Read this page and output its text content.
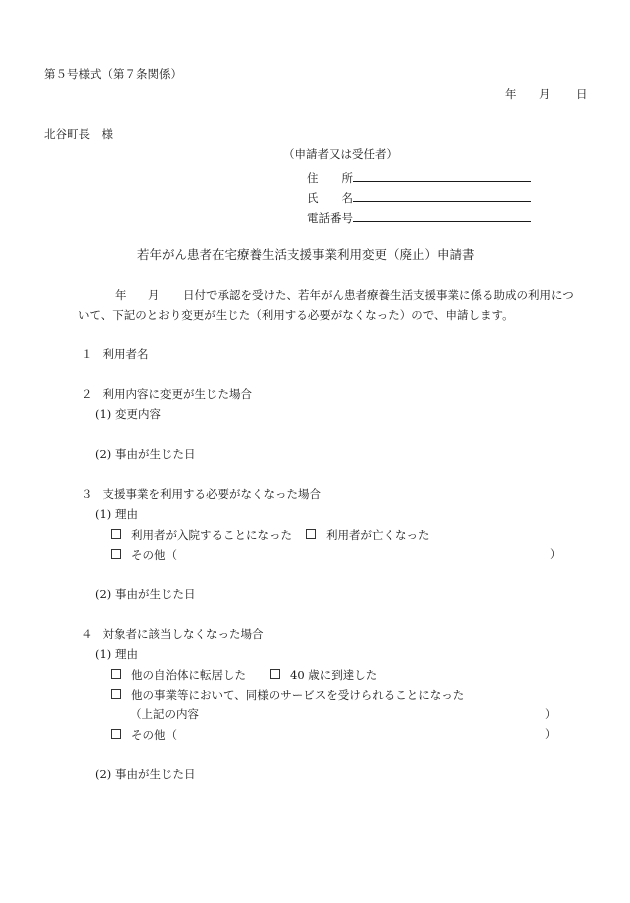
第５号様式（第７条関係）
年 月 日
北谷町長　様
（申請者又は受任者）
住　　所
氏　　名
電話番号
若年がん患者在宅療養生活支援事業利用変更（廃止）申請書
年 月 日付で承認を受けた、若年がん患者療養生活支援事業に係る助成の利用につ
いて、下記のとおり変更が生じた（利用する必要がなくなった）ので、申請します。
１ 利用者名
２ 利用内容に変更が生じた場合
(1) 変更内容
(2) 事由が生じた日
３ 支援事業を利用する必要がなくなった場合
(1) 理由
利用者が入院することになった	利用者が亡くなった
その他（	）
(2) 事由が生じた日
４ 対象者に該当しなくなった場合
(1) 理由
他の自治体に転居した	40 歳に到達した
他の事業等において、同様のサービスを受けられることになった
（上記の内容	）
その他（	）
(2) 事由が生じた日
